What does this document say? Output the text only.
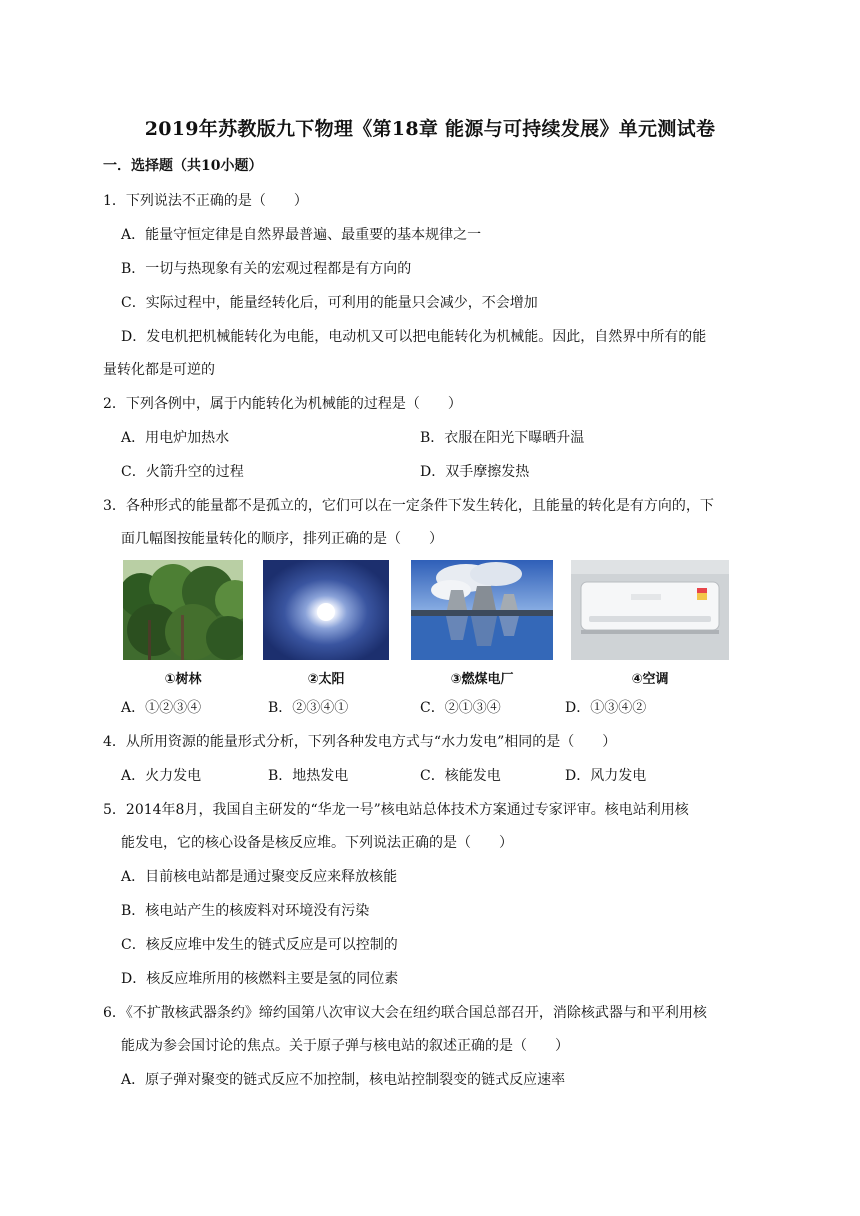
2019年苏教版九下物理《第18章 能源与可持续发展》单元测试卷
一．选择题（共10小题）
1．下列说法不正确的是（　　）
A．能量守恒定律是自然界最普遍、最重要的基本规律之一
B．一切与热现象有关的宏观过程都是有方向的
C．实际过程中，能量经转化后，可利用的能量只会减少，不会增加
D．发电机把机械能转化为电能，电动机又可以把电能转化为机械能。因此，自然界中所有的能
量转化都是可逆的
2．下列各例中，属于内能转化为机械能的过程是（　　）
A．用电炉加热水	B．衣服在阳光下曝晒升温
C．火箭升空的过程	D．双手摩擦发热
3．各种形式的能量都不是孤立的，它们可以在一定条件下发生转化，且能量的转化是有方向的，下
面几幅图按能量转化的顺序，排列正确的是（　　）
①树林	②太阳	③燃煤电厂	④空调
A．①②③④	B．②③④①	C．②①③④	D．①③④②
4．从所用资源的能量形式分析，下列各种发电方式与“水力发电”相同的是（　　）
A．火力发电	B．地热发电	C．核能发电	D．风力发电
5．2014年8月，我国自主研发的“华龙一号”核电站总体技术方案通过专家评审。核电站利用核
能发电，它的核心设备是核反应堆。下列说法正确的是（　　）
A．目前核电站都是通过聚变反应来释放核能
B．核电站产生的核废料对环境没有污染
C．核反应堆中发生的链式反应是可以控制的
D．核反应堆所用的核燃料主要是氢的同位素
6．《不扩散核武器条约》缔约国第八次审议大会在纽约联合国总部召开，消除核武器与和平利用核
能成为参会国讨论的焦点。关于原子弹与核电站的叙述正确的是（　　）
A．原子弹对聚变的链式反应不加控制，核电站控制裂变的链式反应速率
